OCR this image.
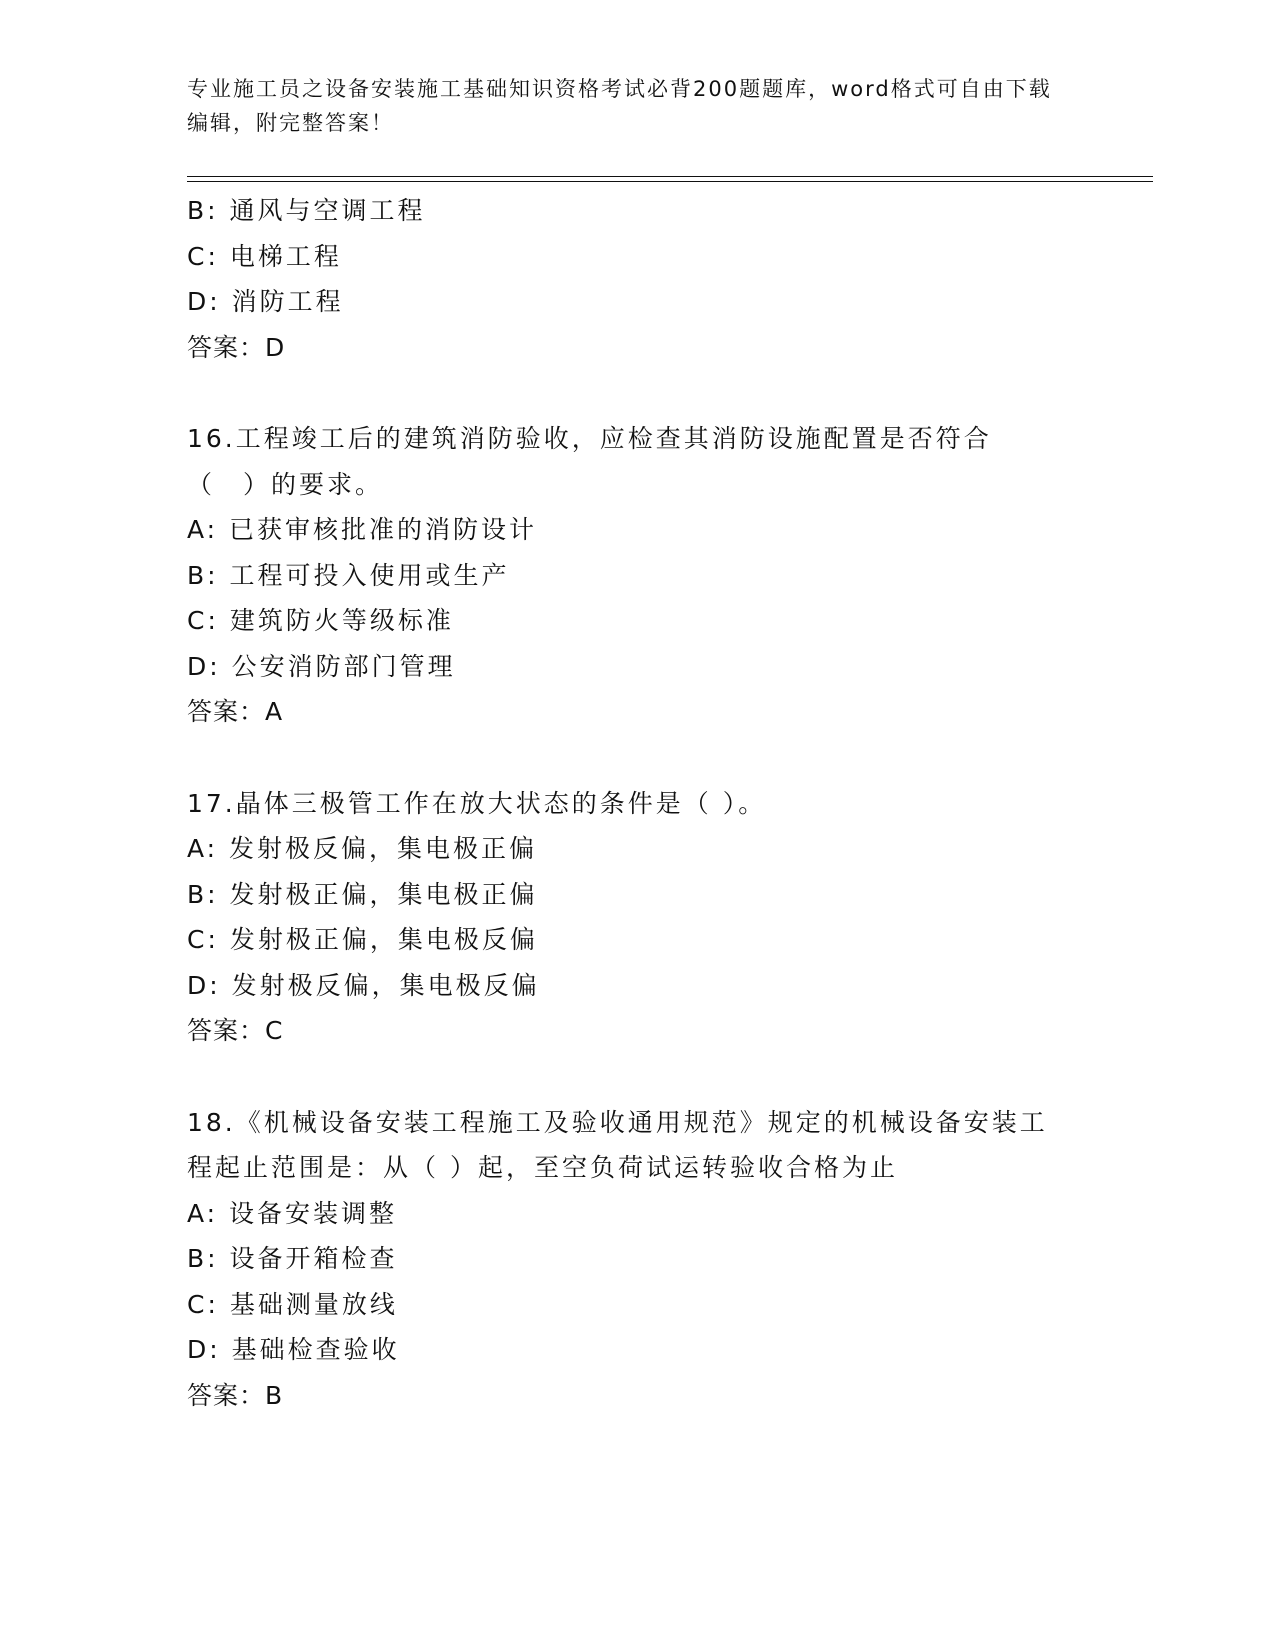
专业施工员之设备安装施工基础知识资格考试必背200题题库，word格式可自由下载编辑，附完整答案！
B: 通风与空调工程
C: 电梯工程
D: 消防工程
答案：D
16.工程竣工后的建筑消防验收，应检查其消防设施配置是否符合（　）的要求。
A: 已获审核批准的消防设计
B: 工程可投入使用或生产
C: 建筑防火等级标准
D: 公安消防部门管理
答案：A
17.晶体三极管工作在放大状态的条件是（ ）。
A: 发射极反偏，集电极正偏
B: 发射极正偏，集电极正偏
C: 发射极正偏，集电极反偏
D: 发射极反偏，集电极反偏
答案：C
18.《机械设备安装工程施工及验收通用规范》规定的机械设备安装工程起止范围是：从（ ）起，至空负荷试运转验收合格为止
A: 设备安装调整
B: 设备开箱检查
C: 基础测量放线
D: 基础检查验收
答案：B
